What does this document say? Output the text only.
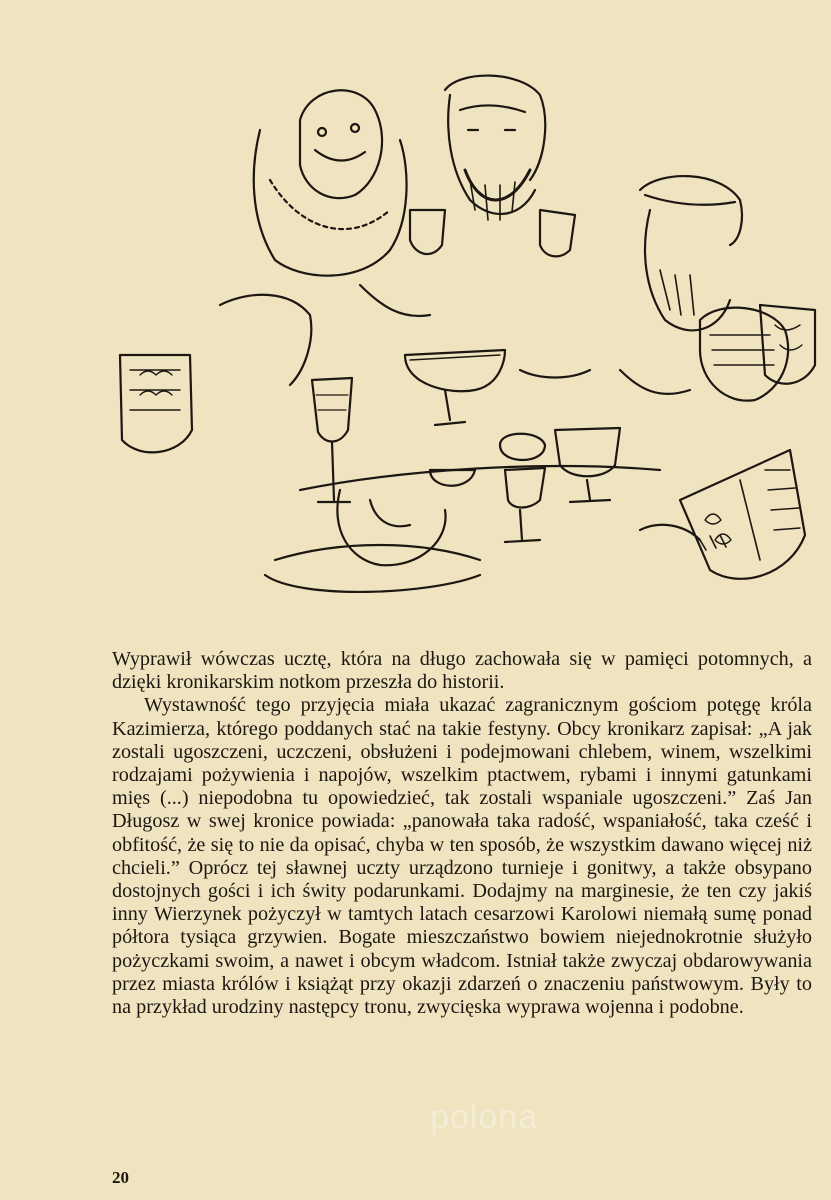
Wyprawił wówczas ucztę, która na długo zachowała się w pamięci potomnych, a dzięki kronikarskim notkom przeszła do historii.

Wystawność tego przyjęcia miała ukazać zagranicznym gościom potęgę króla Kazimierza, którego poddanych stać na takie festyny. Obcy kronikarz zapisał: „A jak zostali ugoszczeni, uczczeni, obsłużeni i podejmowani chlebem, winem, wszelkimi rodzajami pożywienia i napojów, wszelkim ptactwem, rybami i innymi gatunkami mięs (...) niepodobna tu opowiedzieć, tak zostali wspaniale ugoszczeni.” Zaś Jan Długosz w swej kronice powiada: „panowała taka radość, wspaniałość, taka cześć i obfitość, że się to nie da opisać, chyba w ten sposób, że wszystkim dawano więcej niż chcieli.” Oprócz tej sławnej uczty urządzono turnieje i gonitwy, a także obsypano dostojnych gości i ich świty podarunkami. Dodajmy na marginesie, że ten czy jakiś inny Wierzynek pożyczył w tamtych latach cesarzowi Karolowi niemałą sumę ponad półtora tysiąca grzywien. Bogate mieszczaństwo bowiem niejednokrotnie służyło pożyczkami swoim, a nawet i obcym władcom. Istniał także zwyczaj obdarowywania przez miasta królów i książąt przy okazji zdarzeń o znaczeniu państwowym. Były to na przykład urodziny następcy tronu, zwycięska wyprawa wojenna i podobne.

20
polona
